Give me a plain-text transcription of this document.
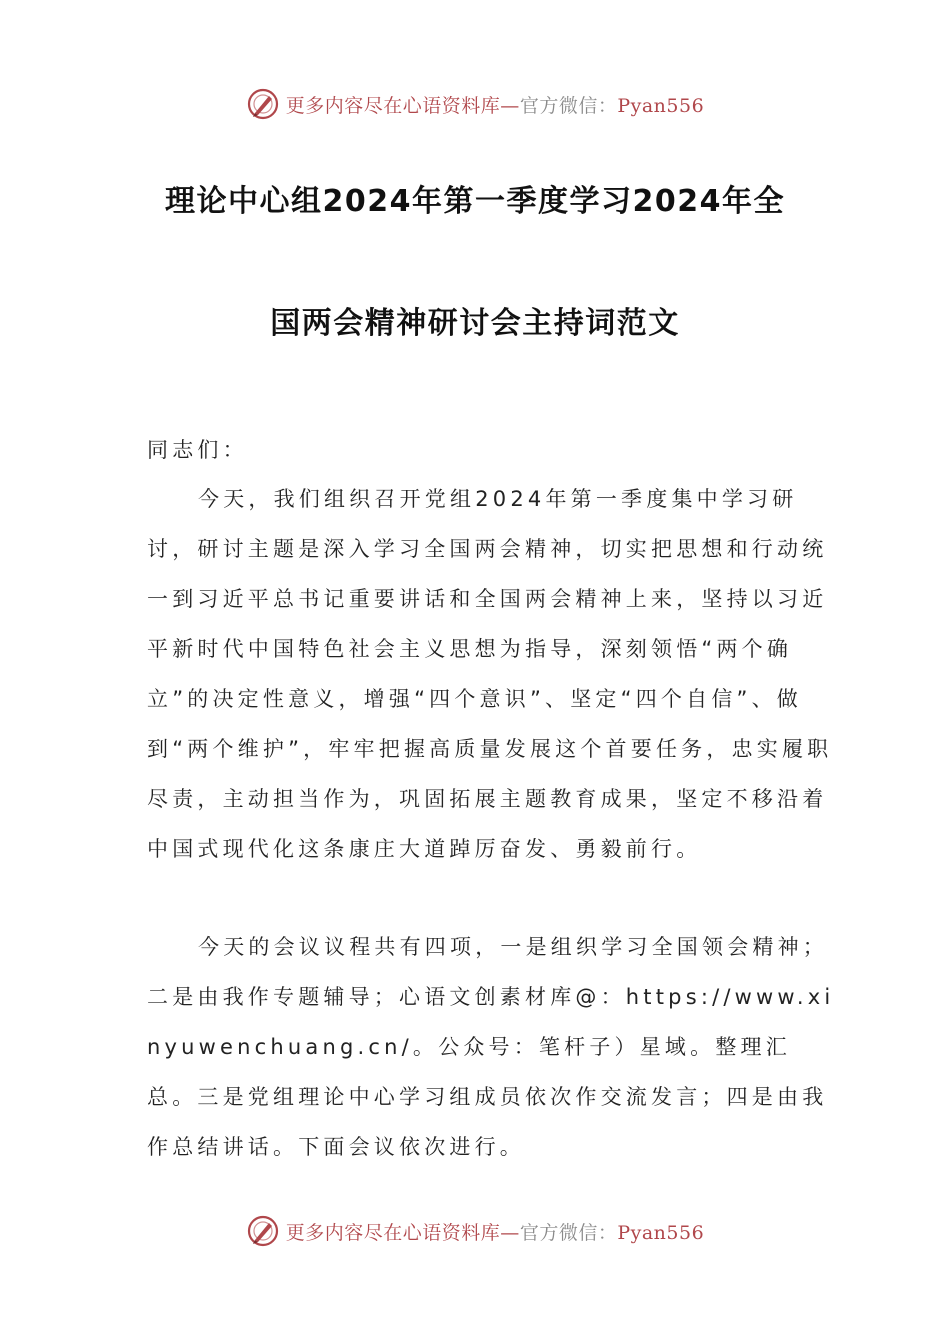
更多内容尽在心语资料库—官方微信：Pyan556
理论中心组2024年第一季度学习2024年全
国两会精神研讨会主持词范文
同志们：
今天，我们组织召开党组2024年第一季度集中学习研讨，研讨主题是深入学习全国两会精神，切实把思想和行动统一到习近平总书记重要讲话和全国两会精神上来，坚持以习近平新时代中国特色社会主义思想为指导，深刻领悟“两个确立”的决定性意义，增强“四个意识”、坚定“四个自信”、做到“两个维护”，牢牢把握高质量发展这个首要任务，忠实履职尽责，主动担当作为，巩固拓展主题教育成果，坚定不移沿着中国式现代化这条康庄大道踔厉奋发、勇毅前行。
今天的会议议程共有四项，一是组织学习全国领会精神；二是由我作专题辅导；心语文创素材库@：https://www.xinyuwenchuang.cn/。公众号：笔杆子）星域。整理汇总。三是党组理论中心学习组成员依次作交流发言；四是由我作总结讲话。下面会议依次进行。
更多内容尽在心语资料库—官方微信：Pyan556
